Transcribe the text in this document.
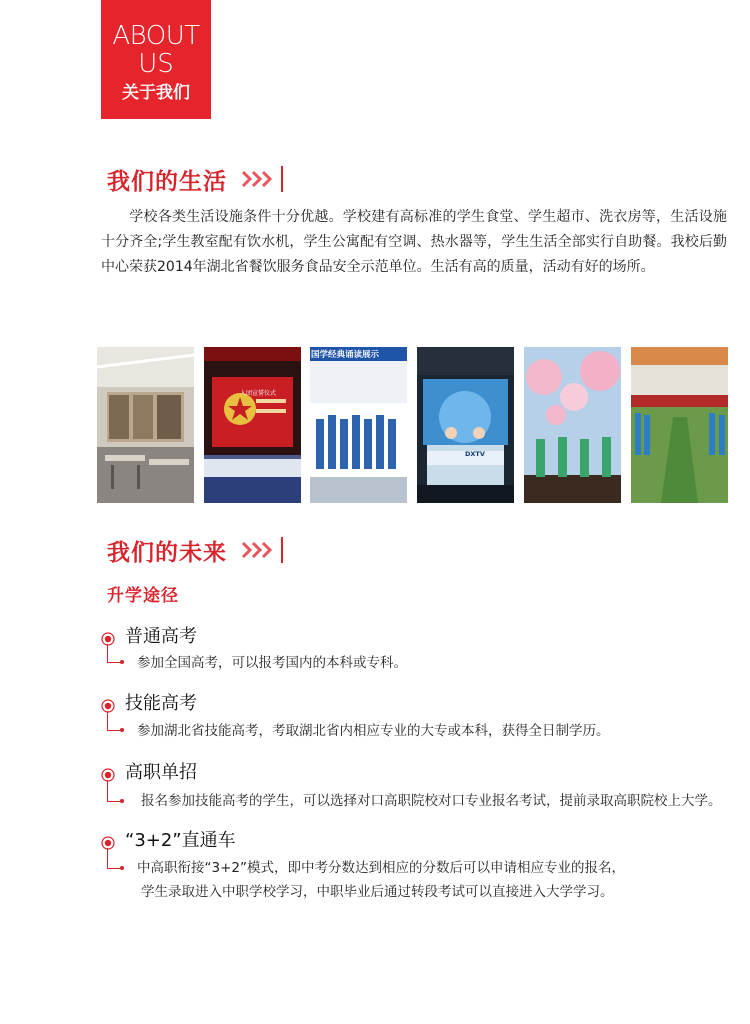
ABOUT
US
关于我们
我们的生活
学校各类生活设施条件十分优越。学校建有高标准的学生食堂、学生超市、洗衣房等，生活设施十分齐全;学生教室配有饮水机，学生公寓配有空调、热水器等，学生生活全部实行自助餐。我校后勤中心荣获2014年湖北省餐饮服务食品安全示范单位。生活有高的质量，活动有好的场所。
入团宣誓仪式
国学经典诵读展示
DXTV
我们的未来
升学途径
普通高考
参加全国高考，可以报考国内的本科或专科。
技能高考
参加湖北省技能高考，考取湖北省内相应专业的大专或本科，获得全日制学历。
高职单招
报名参加技能高考的学生，可以选择对口高职院校对口专业报名考试，提前录取高职院校上大学。
“3+2”直通车
中高职衔接“3+2”模式，即中考分数达到相应的分数后可以申请相应专业的报名，
学生录取进入中职学校学习，中职毕业后通过转段考试可以直接进入大学学习。
